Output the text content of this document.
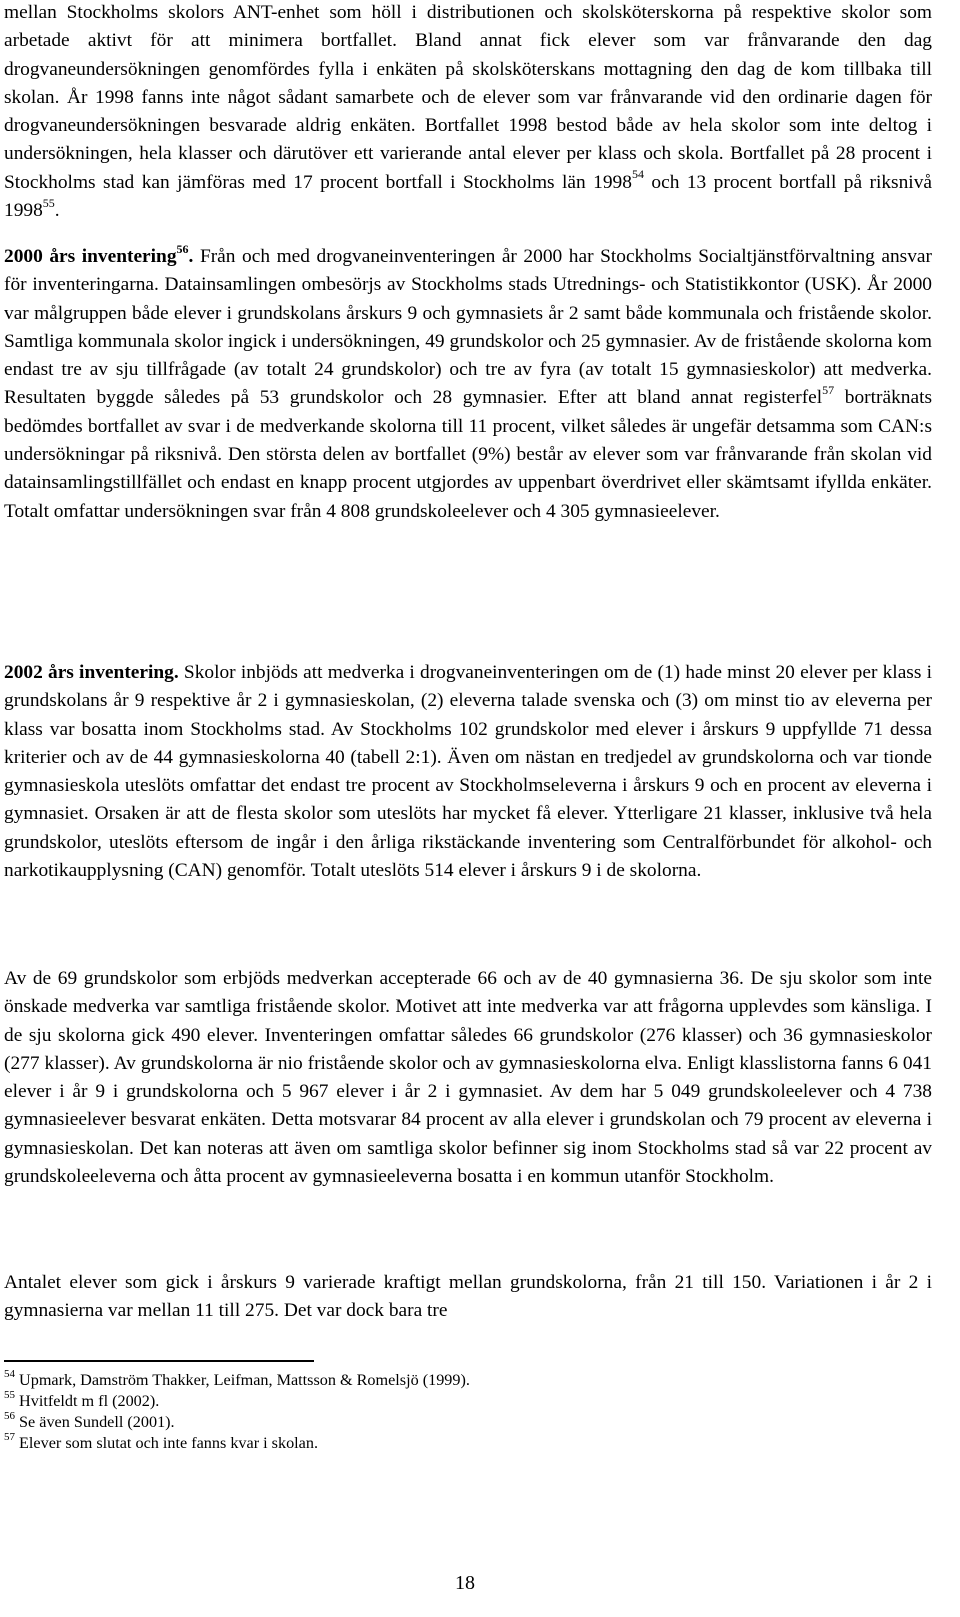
mellan Stockholms skolors ANT-enhet som höll i distributionen och skolsköterskorna på respektive skolor som arbetade aktivt för att minimera bortfallet. Bland annat fick elever som var frånvarande den dag drogvaneundersökningen genomfördes fylla i enkäten på skolsköterskans mottagning den dag de kom tillbaka till skolan. År 1998 fanns inte något sådant samarbete och de elever som var frånvarande vid den ordinarie dagen för drogvaneundersökningen besvarade aldrig enkäten. Bortfallet 1998 bestod både av hela skolor som inte deltog i undersökningen, hela klasser och därutöver ett varierande antal elever per klass och skola. Bortfallet på 28 procent i Stockholms stad kan jämföras med 17 procent bortfall i Stockholms län 1998$^{54}$ och 13 procent bortfall på riksnivå 1998$^{55}$.

2000 års inventering$^{56}$. Från och med drogvaneinventeringen år 2000 har Stockholms Socialtjänstförvaltning ansvar för inventeringarna. Datainsamlingen ombesörjs av Stockholms stads Utrednings- och Statistikkontor (USK). År 2000 var målgruppen både elever i grundskolans årskurs 9 och gymnasiets år 2 samt både kommunala och fristående skolor. Samtliga kommunala skolor ingick i undersökningen, 49 grundskolor och 25 gymnasier. Av de fristående skolorna kom endast tre av sju tillfrågade (av totalt 24 grundskolor) och tre av fyra (av totalt 15 gymnasieskolor) att medverka. Resultaten byggde således på 53 grundskolor och 28 gymnasier. Efter att bland annat registerfel$^{57}$ borträknats bedömdes bortfallet av svar i de medverkande skolorna till 11 procent, vilket således är ungefär detsamma som CAN:s undersökningar på riksnivå. Den största delen av bortfallet (9%) består av elever som var frånvarande från skolan vid datainsamlingstillfället och endast en knapp procent utgjordes av uppenbart överdrivet eller skämtsamt ifyllda enkäter. Totalt omfattar undersökningen svar från 4 808 grundskoleelever och 4 305 gymnasieelever.

2002 års inventering. Skolor inbjöds att medverka i drogvaneinventeringen om de (1) hade minst 20 elever per klass i grundskolans år 9 respektive år 2 i gymnasieskolan, (2) eleverna talade svenska och (3) om minst tio av eleverna per klass var bosatta inom Stockholms stad. Av Stockholms 102 grundskolor med elever i årskurs 9 uppfyllde 71 dessa kriterier och av de 44 gymnasieskolorna 40 (tabell 2:1). Även om nästan en tredjedel av grundskolorna och var tionde gymnasieskola uteslöts omfattar det endast tre procent av Stockholmseleverna i årskurs 9 och en procent av eleverna i gymnasiet. Orsaken är att de flesta skolor som uteslöts har mycket få elever. Ytterligare 21 klasser, inklusive två hela grundskolor, uteslöts eftersom de ingår i den årliga rikstäckande inventering som Centralförbundet för alkohol- och narkotikaupplysning (CAN) genomför. Totalt uteslöts 514 elever i årskurs 9 i de skolorna.

Av de 69 grundskolor som erbjöds medverkan accepterade 66 och av de 40 gymnasierna 36. De sju skolor som inte önskade medverka var samtliga fristående skolor. Motivet att inte medverka var att frågorna upplevdes som känsliga. I de sju skolorna gick 490 elever. Inventeringen omfattar således 66 grundskolor (276 klasser) och 36 gymnasieskolor (277 klasser). Av grundskolorna är nio fristående skolor och av gymnasieskolorna elva. Enligt klasslistorna fanns 6 041 elever i år 9 i grundskolorna och 5 967 elever i år 2 i gymnasiet. Av dem har 5 049 grundskoleelever och 4 738 gymnasieelever besvarat enkäten. Detta motsvarar 84 procent av alla elever i grundskolan och 79 procent av eleverna i gymnasieskolan. Det kan noteras att även om samtliga skolor befinner sig inom Stockholms stad så var 22 procent av grundskoleeleverna och åtta procent av gymnasieeleverna bosatta i en kommun utanför Stockholm.

Antalet elever som gick i årskurs 9 varierade kraftigt mellan grundskolorna, från 21 till 150. Variationen i år 2 i gymnasierna var mellan 11 till 275. Det var dock bara tre

$^{54}$ Upmark, Damström Thakker, Leifman, Mattsson & Romelsjö (1999).

$^{55}$ Hvitfeldt m fl (2002).

$^{56}$ Se även Sundell (2001).

$^{57}$ Elever som slutat och inte fanns kvar i skolan.

18
